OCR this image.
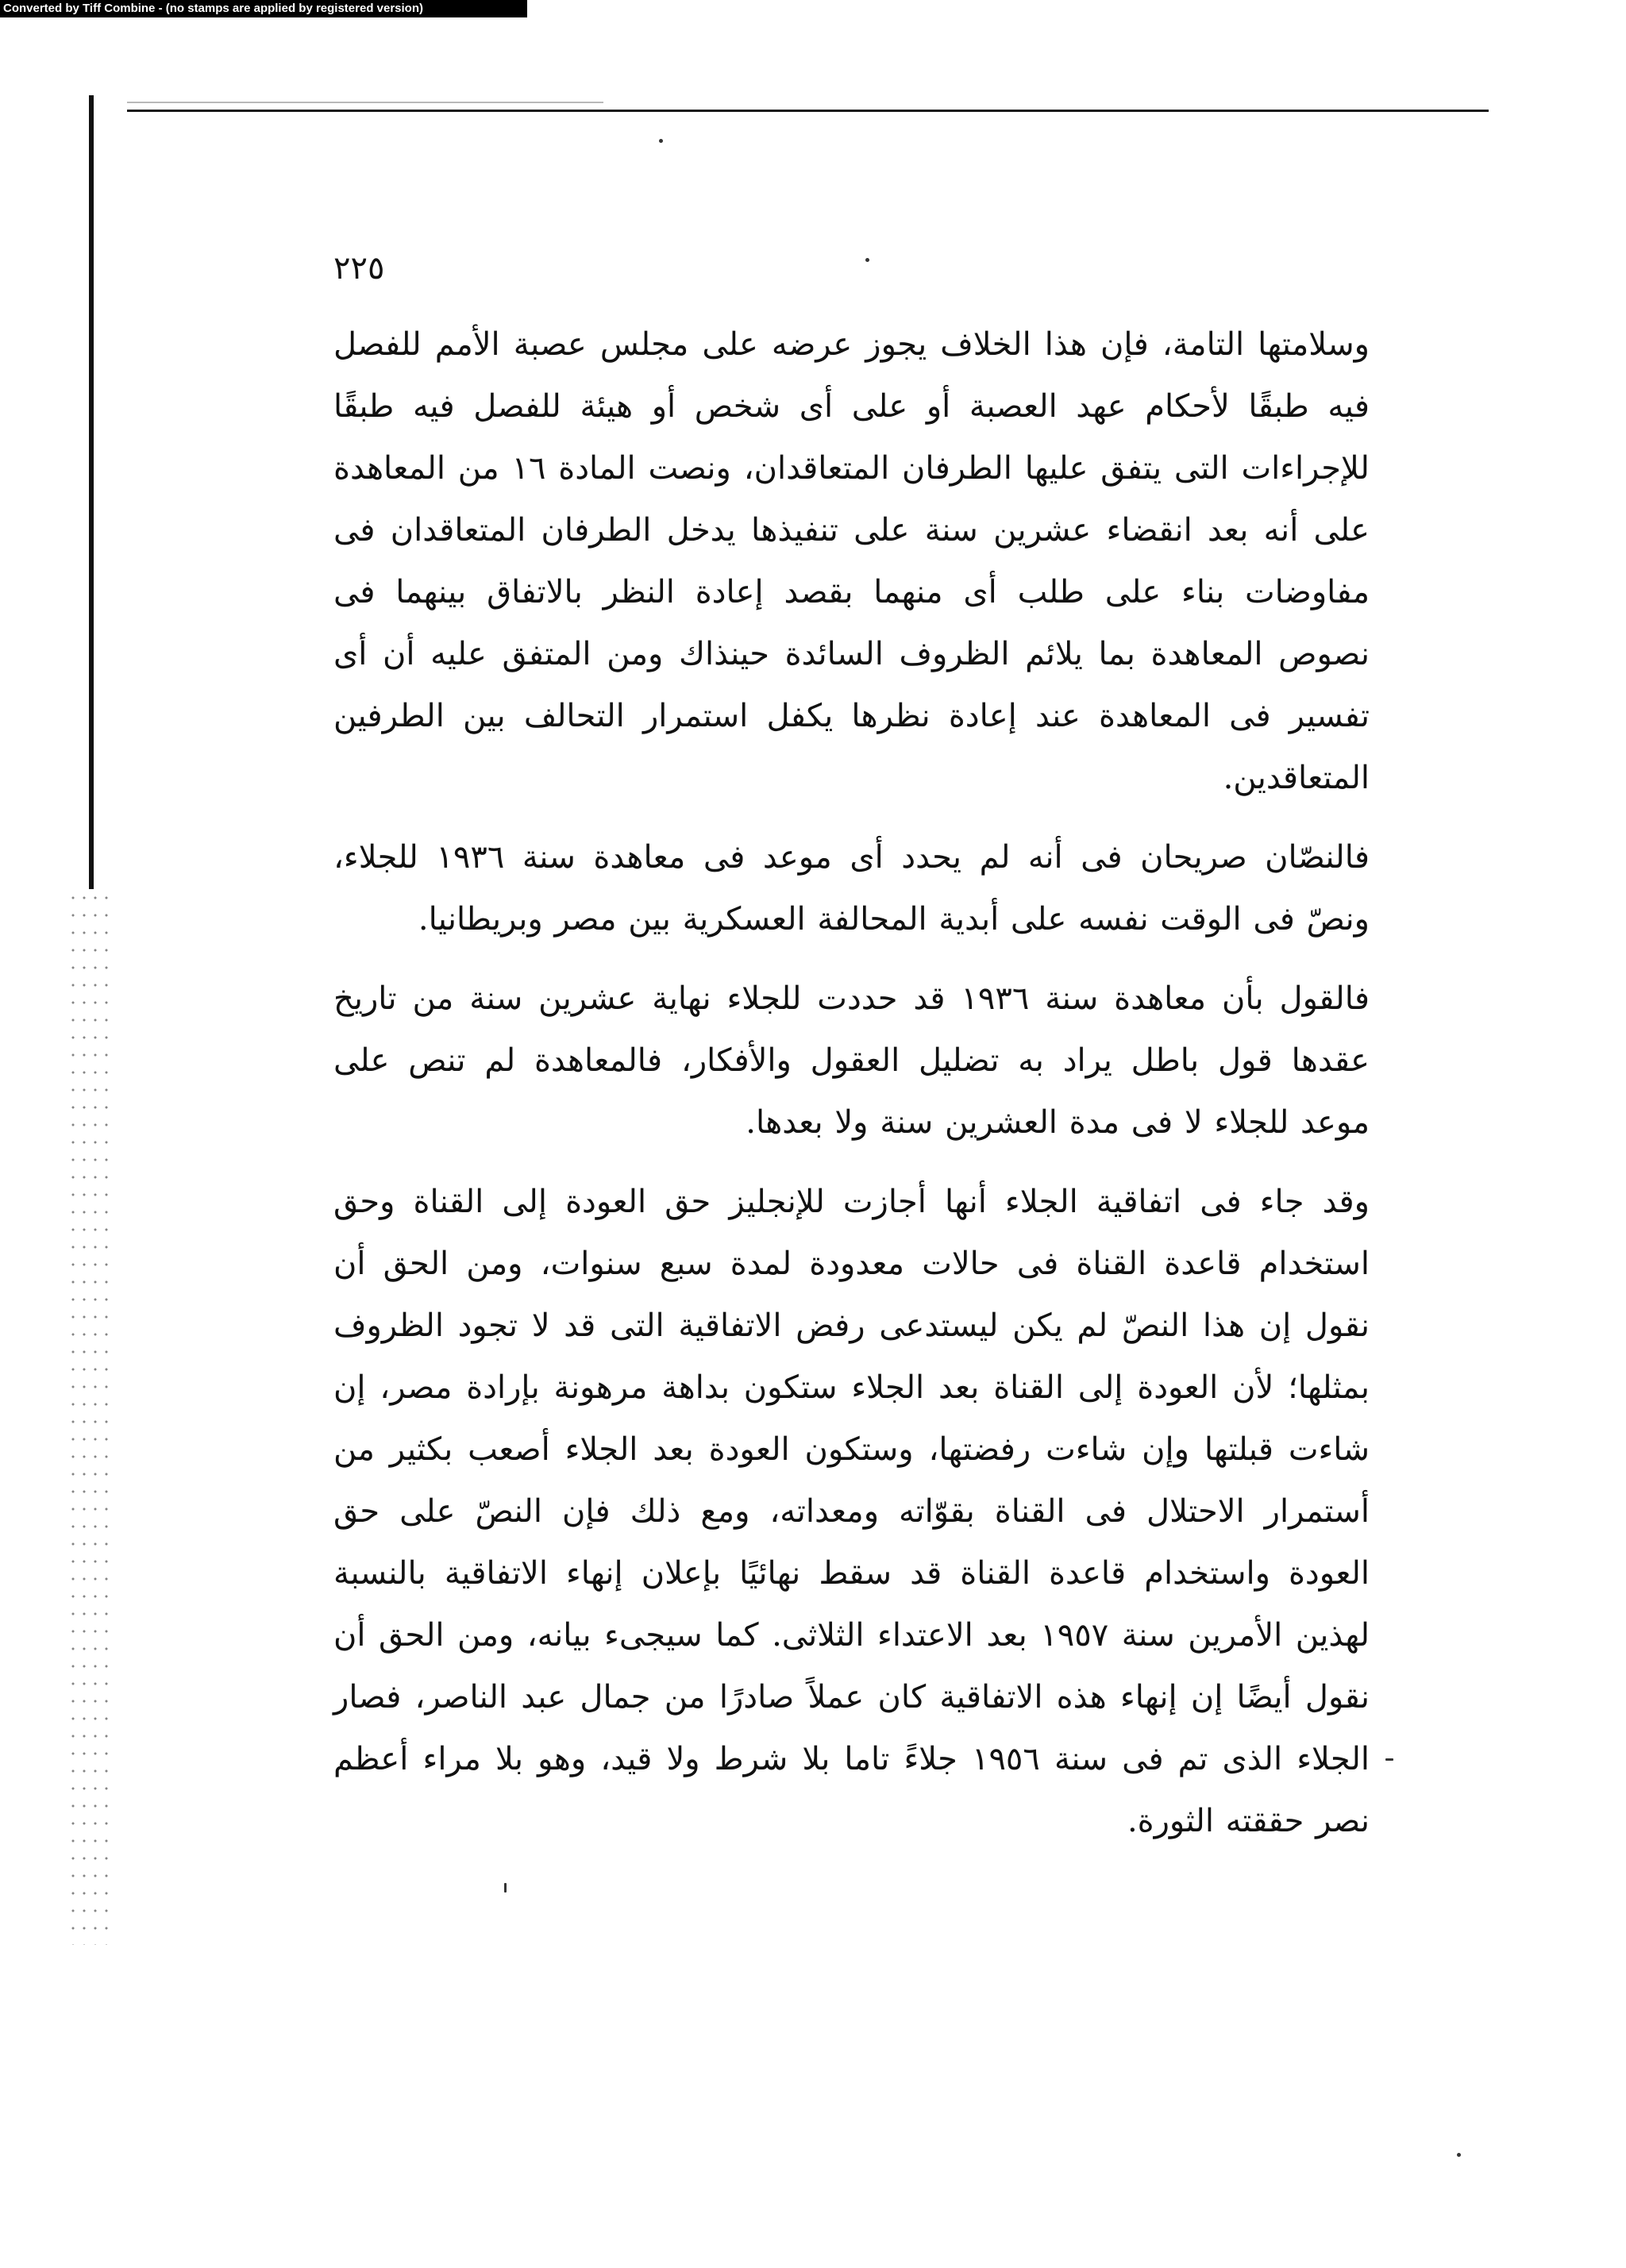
Converted by Tiff Combine - (no stamps are applied by registered version)
٢٢٥

وسلامتها التامة، فإن هذا الخلاف يجوز عرضه على مجلس عصبة الأمم للفصل فيه طبقًا لأحكام عهد العصبة أو على أى شخص أو هيئة للفصل فيه طبقًا للإجراءات التى يتفق عليها الطرفان المتعاقدان، ونصت المادة ١٦ من المعاهدة على أنه بعد انقضاء عشرين سنة على تنفيذها يدخل الطرفان المتعاقدان فى مفاوضات بناء على طلب أى منهما بقصد إعادة النظر بالاتفاق بينهما فى نصوص المعاهدة بما يلائم الظروف السائدة حينذاك ومن المتفق عليه أن أى تفسير فى المعاهدة عند إعادة نظرها يكفل استمرار التحالف بين الطرفين المتعاقدين.

فالنصّان صريحان فى أنه لم يحدد أى موعد فى معاهدة سنة ١٩٣٦ للجلاء، ونصّ فى الوقت نفسه على أبدية المحالفة العسكرية بين مصر وبريطانيا.

فالقول بأن معاهدة سنة ١٩٣٦ قد حددت للجلاء نهاية عشرين سنة من تاريخ عقدها قول باطل يراد به تضليل العقول والأفكار، فالمعاهدة لم تنص على موعد للجلاء لا فى مدة العشرين سنة ولا بعدها.

وقد جاء فى اتفاقية الجلاء أنها أجازت للإنجليز حق العودة إلى القناة وحق استخدام قاعدة القناة فى حالات معدودة لمدة سبع سنوات، ومن الحق أن نقول إن هذا النصّ لم يكن ليستدعى رفض الاتفاقية التى قد لا تجود الظروف بمثلها؛ لأن العودة إلى القناة بعد الجلاء ستكون بداهة مرهونة بإرادة مصر، إن شاءت قبلتها وإن شاءت رفضتها، وستكون العودة بعد الجلاء أصعب بكثير من أستمرار الاحتلال فى القناة بقوّاته ومعداته، ومع ذلك فإن النصّ على حق العودة واستخدام قاعدة القناة قد سقط نهائيًا بإعلان إنهاء الاتفاقية بالنسبة لهذين الأمرين سنة ١٩٥٧ بعد الاعتداء الثلاثى. كما سيجىء بيانه، ومن الحق أن نقول أيضًا إن إنهاء هذه الاتفاقية كان عملاً صادرًا من جمال عبد الناصر، فصار الجلاء الذى تم فى سنة ١٩٥٦ جلاءً تاما بلا شرط ولا قيد، وهو بلا مراء أعظم نصر حققته الثورة.
